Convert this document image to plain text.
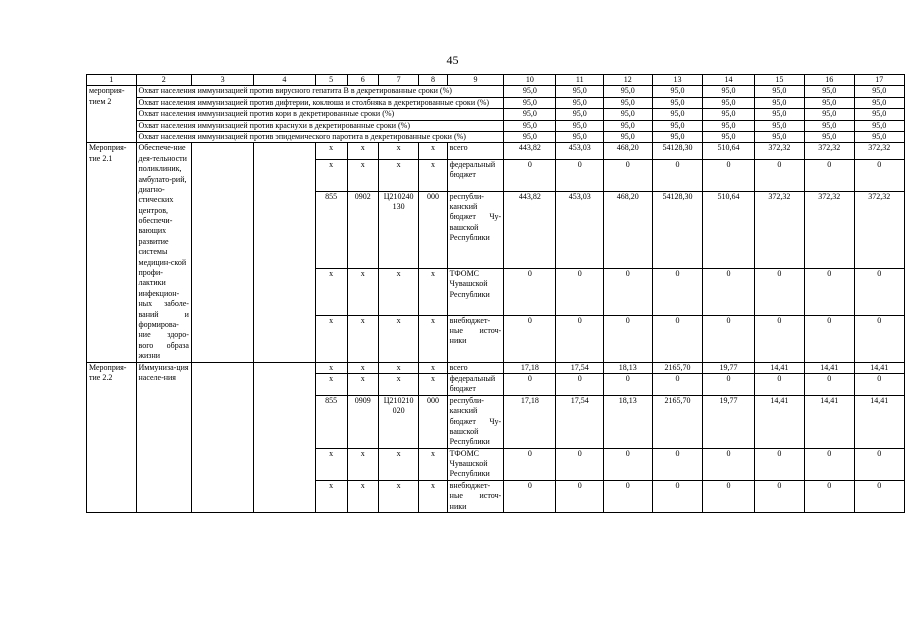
45
1	2	3	4	5	6	7	8	9	10	11	12	13	14	15	16	17
мероприя-тием 2	Охват населения иммунизацией против вирусного гепатита В в декретированные сроки (%)								95,0	95,0	95,0	95,0	95,0	95,0	95,0	95,0
	Охват населения иммунизацией против дифтерии, коклюша и столбняка в декретированные сроки (%)								95,0	95,0	95,0	95,0	95,0	95,0	95,0	95,0
	Охват населения иммунизацией против кори в декретированные сроки (%)								95,0	95,0	95,0	95,0	95,0	95,0	95,0	95,0
	Охват населения иммунизацией против краснухи в декретированные сроки (%)								95,0	95,0	95,0	95,0	95,0	95,0	95,0	95,0
	Охват населения иммунизацией против эпидемического паротита в декретированные сроки (%)								95,0	95,0	95,0	95,0	95,0	95,0	95,0	95,0
Мероприя-тие 2.1	Обеспече-ние дея-тельности поликлиник, амбулато-рий, диагно-стических центров, обеспечи-вающих развитие системы медицин-ской профи-лактики инфекцион-ных заболе-ваний и формирова-ние здоро-вого образа жизни			x	x	x	x	всего	443,82	453,03	468,20	54128,30	510,64	372,32	372,32	372,32
				x	x	x	x	федеральный бюджет	0	0	0	0	0	0	0	0
				855	0902	Ц210240 130	000	республи-канский бюджет Чу-вашской Республики	443,82	453,03	468,20	54128,30	510,64	372,32	372,32	372,32
				x	x	x	x	ТФОМС Чувашской Республики	0	0	0	0	0	0	0	0
				x	x	x	x	внебюджет-ные источ-ники	0	0	0	0	0	0	0	0
Мероприя-тие 2.2	Иммуниза-ция населе-ния			x	x	x	x	всего	17,18	17,54	18,13	2165,70	19,77	14,41	14,41	14,41
				x	x	x	x	федеральный бюджет	0	0	0	0	0	0	0	0
				855	0909	Ц210210 020	000	республи-канский бюджет Чу-вашской Республики	17,18	17,54	18,13	2165,70	19,77	14,41	14,41	14,41
				x	x	x	x	ТФОМС Чувашской Республики	0	0	0	0	0	0	0	0
				x	x	x	x	внебюджет-ные источ-ники	0	0	0	0	0	0	0	0
